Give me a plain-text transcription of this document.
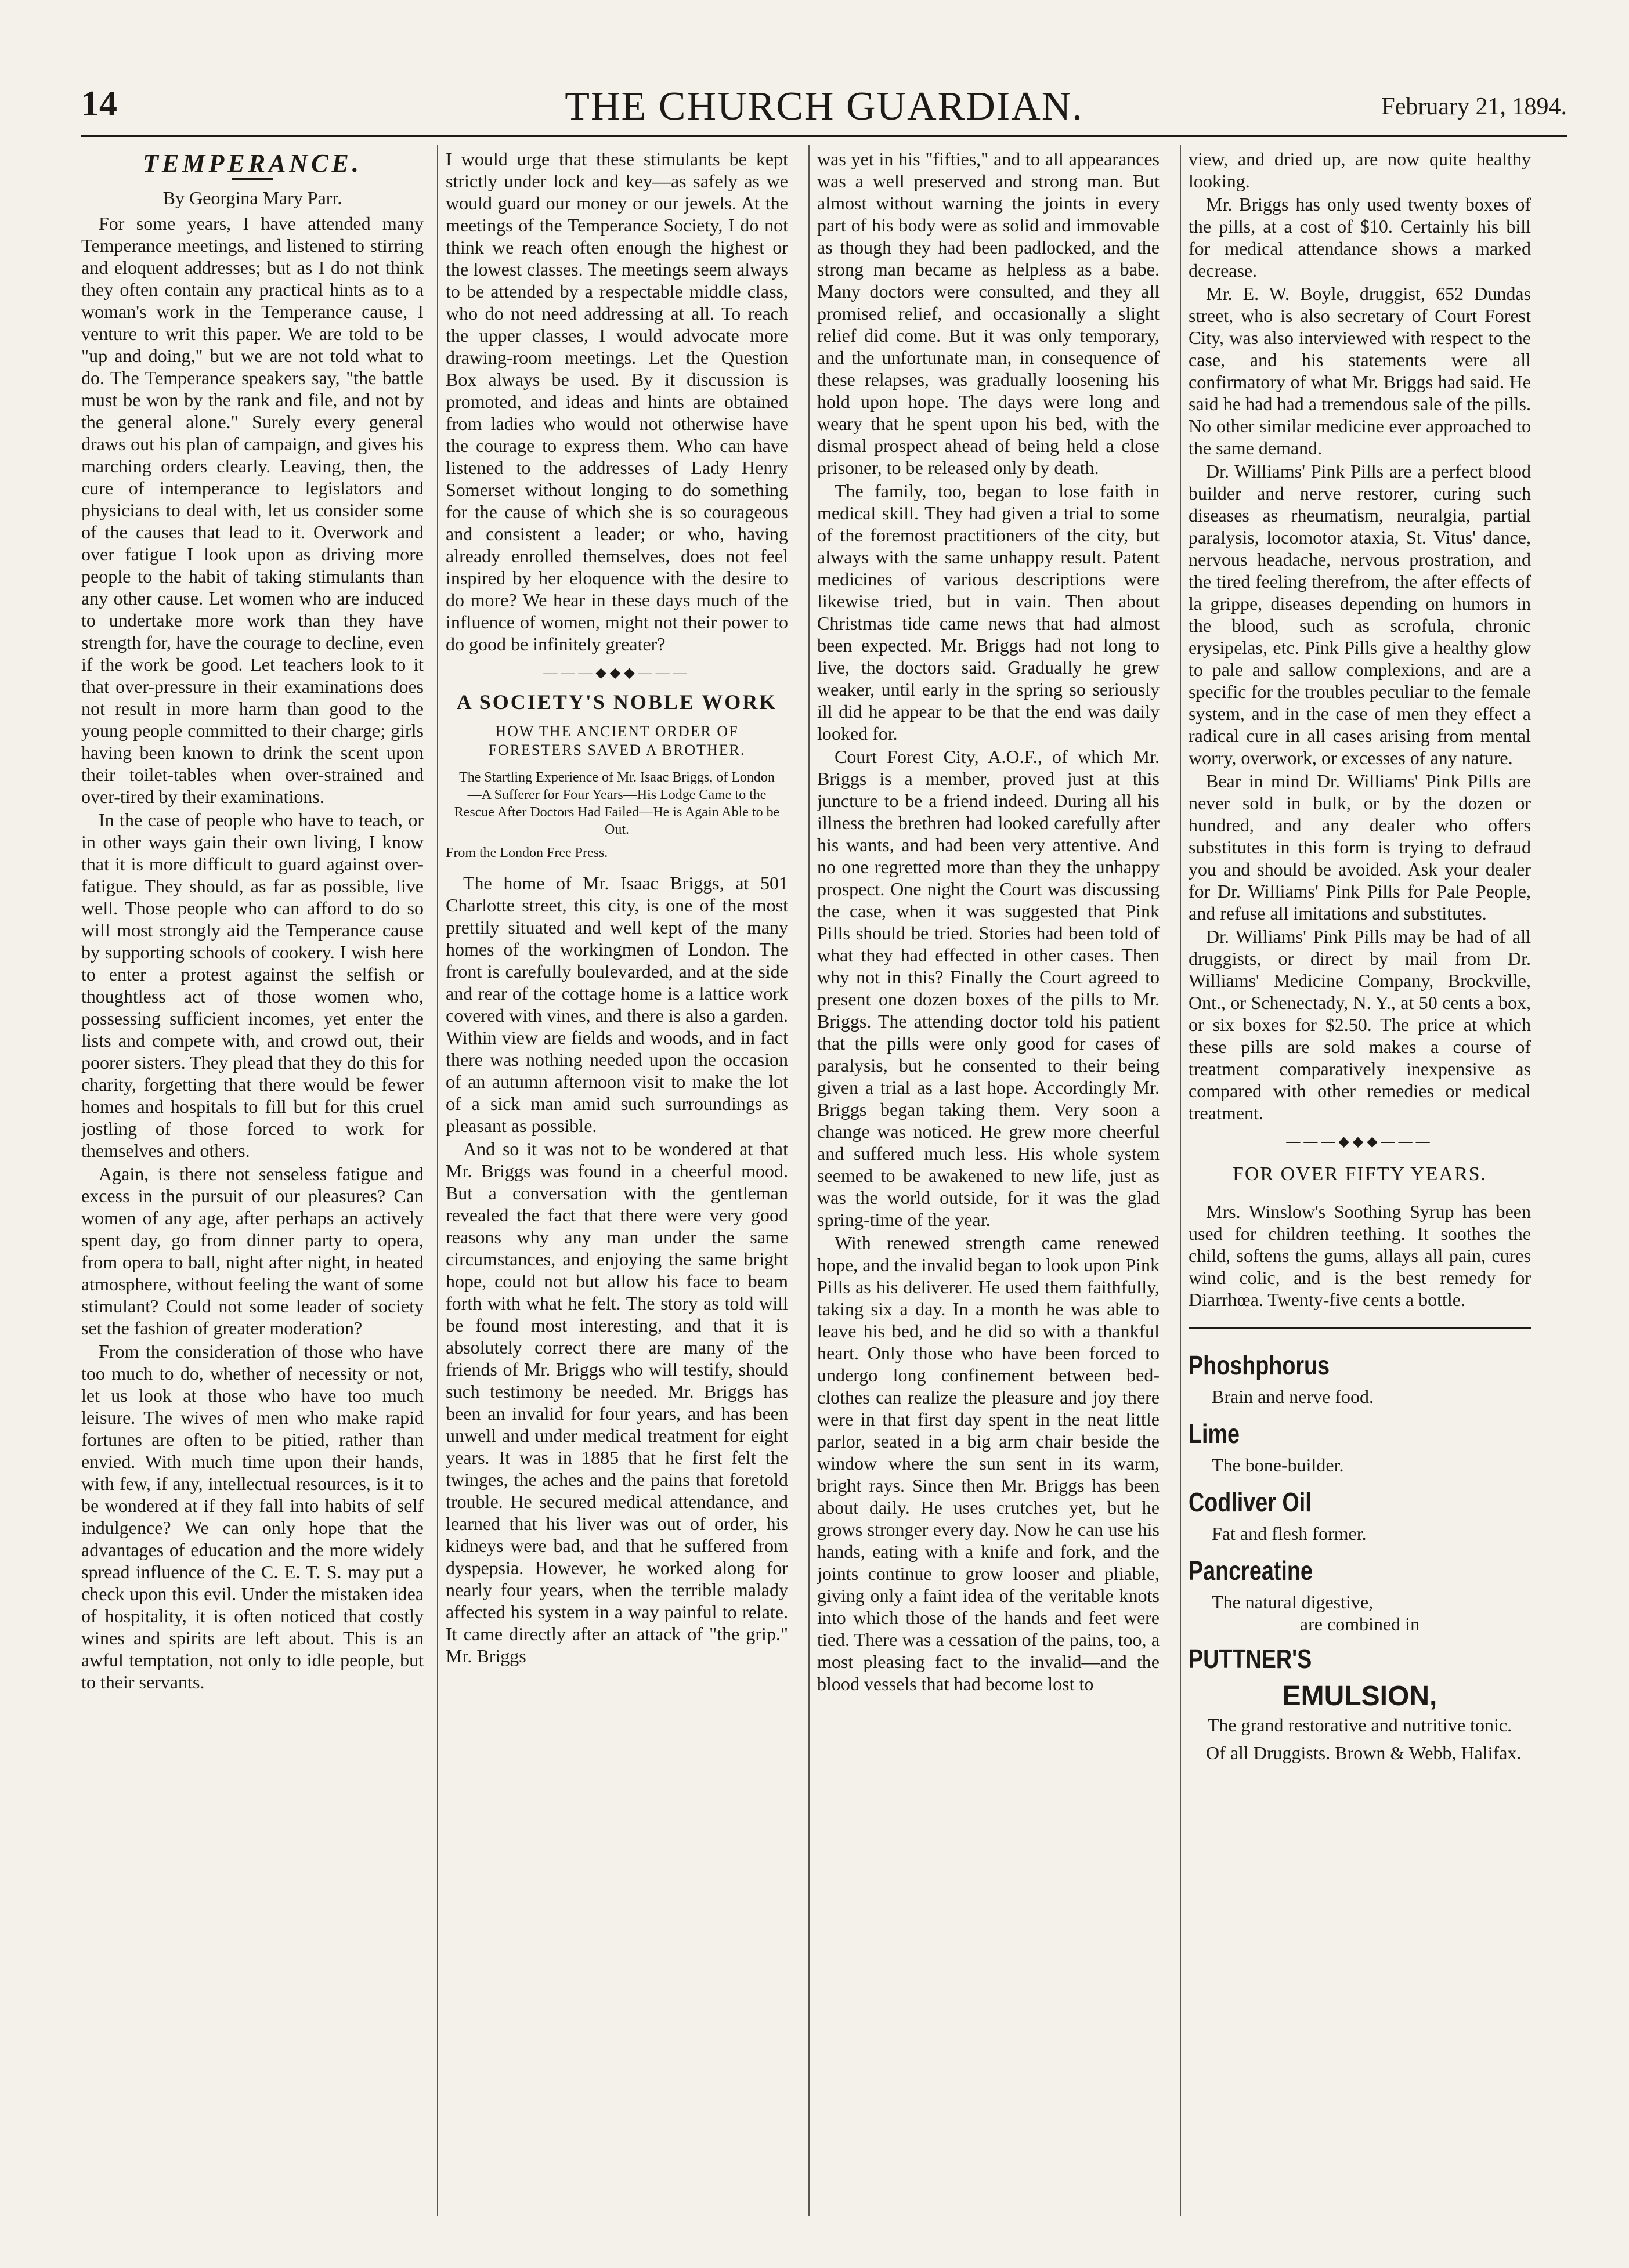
14	THE CHURCH GUARDIAN.	February 21, 1894.
TEMPERANCE.
By Georgina Mary Parr.

For some years, I have attended many Temperance meetings, and listened to stirring and eloquent addresses; but as I do not think they often contain any practical hints as to a woman's work in the Temperance cause, I venture to writ this paper. We are told to be "up and doing," but we are not told what to do. The Temperance speakers say, "the battle must be won by the rank and file, and not by the general alone." Surely every general draws out his plan of campaign, and gives his marching orders clearly. Leaving, then, the cure of intemperance to legislators and physicians to deal with, let us consider some of the causes that lead to it. Overwork and over fatigue I look upon as driving more people to the habit of taking stimulants than any other cause. Let women who are induced to undertake more work than they have strength for, have the courage to decline, even if the work be good. Let teachers look to it that over-pressure in their examinations does not result in more harm than good to the young people committed to their charge; girls having been known to drink the scent upon their toilet-tables when over-strained and over-tired by their examinations.

In the case of people who have to teach, or in other ways gain their own living, I know that it is more difficult to guard against over-fatigue. They should, as far as possible, live well. Those people who can afford to do so will most strongly aid the Temperance cause by supporting schools of cookery. I wish here to enter a protest against the selfish or thoughtless act of those women who, possessing sufficient incomes, yet enter the lists and compete with, and crowd out, their poorer sisters. They plead that they do this for charity, forgetting that there would be fewer homes and hospitals to fill but for this cruel jostling of those forced to work for themselves and others.

Again, is there not senseless fatigue and excess in the pursuit of our pleasures? Can women of any age, after perhaps an actively spent day, go from dinner party to opera, from opera to ball, night after night, in heated atmosphere, without feeling the want of some stimulant? Could not some leader of society set the fashion of greater moderation?

From the consideration of those who have too much to do, whether of necessity or not, let us look at those who have too much leisure. The wives of men who make rapid fortunes are often to be pitied, rather than envied. With much time upon their hands, with few, if any, intellectual resources, is it to be wondered at if they fall into habits of self indulgence? We can only hope that the advantages of education and the more widely spread influence of the C. E. T. S. may put a check upon this evil. Under the mistaken idea of hospitality, it is often noticed that costly wines and spirits are left about. This is an awful temptation, not only to idle people, but to their servants.

I would urge that these stimulants be kept strictly under lock and key—as safely as we would guard our money or our jewels. At the meetings of the Temperance Society, I do not think we reach often enough the highest or the lowest classes. The meetings seem always to be attended by a respectable middle class, who do not need addressing at all. To reach the upper classes, I would advocate more drawing-room meetings. Let the Question Box always be used. By it discussion is promoted, and ideas and hints are obtained from ladies who would not otherwise have the courage to express them. Who can have listened to the addresses of Lady Henry Somerset without longing to do something for the cause of which she is so courageous and consistent a leader; or who, having already enrolled themselves, does not feel inspired by her eloquence with the desire to do more? We hear in these days much of the influence of women, might not their power to do good be infinitely greater?

———◆◆◆———
A SOCIETY'S NOBLE WORK
HOW THE ANCIENT ORDER OF FORESTERS SAVED A BROTHER.
The Startling Experience of Mr. Isaac Briggs, of London—A Sufferer for Four Years—His Lodge Came to the Rescue After Doctors Had Failed—He is Again Able to be Out.
From the London Free Press.

The home of Mr. Isaac Briggs, at 501 Charlotte street, this city, is one of the most prettily situated and well kept of the many homes of the workingmen of London. The front is carefully boulevarded, and at the side and rear of the cottage home is a lattice work covered with vines, and there is also a garden. Within view are fields and woods, and in fact there was nothing needed upon the occasion of an autumn afternoon visit to make the lot of a sick man amid such surroundings as pleasant as possible.

And so it was not to be wondered at that Mr. Briggs was found in a cheerful mood. But a conversation with the gentleman revealed the fact that there were very good reasons why any man under the same circumstances, and enjoying the same bright hope, could not but allow his face to beam forth with what he felt. The story as told will be found most interesting, and that it is absolutely correct there are many of the friends of Mr. Briggs who will testify, should such testimony be needed. Mr. Briggs has been an invalid for four years, and has been unwell and under medical treatment for eight years. It was in 1885 that he first felt the twinges, the aches and the pains that foretold trouble. He secured medical attendance, and learned that his liver was out of order, his kidneys were bad, and that he suffered from dyspepsia. However, he worked along for nearly four years, when the terrible malady affected his system in a way painful to relate. It came directly after an attack of "the grip." Mr. Briggs

was yet in his "fifties," and to all appearances was a well preserved and strong man. But almost without warning the joints in every part of his body were as solid and immovable as though they had been padlocked, and the strong man became as helpless as a babe. Many doctors were consulted, and they all promised relief, and occasionally a slight relief did come. But it was only temporary, and the unfortunate man, in consequence of these relapses, was gradually loosening his hold upon hope. The days were long and weary that he spent upon his bed, with the dismal prospect ahead of being held a close prisoner, to be released only by death.

The family, too, began to lose faith in medical skill. They had given a trial to some of the foremost practitioners of the city, but always with the same unhappy result. Patent medicines of various descriptions were likewise tried, but in vain. Then about Christmas tide came news that had almost been expected. Mr. Briggs had not long to live, the doctors said. Gradually he grew weaker, until early in the spring so seriously ill did he appear to be that the end was daily looked for.

Court Forest City, A.O.F., of which Mr. Briggs is a member, proved just at this juncture to be a friend indeed. During all his illness the brethren had looked carefully after his wants, and had been very attentive. And no one regretted more than they the unhappy prospect. One night the Court was discussing the case, when it was suggested that Pink Pills should be tried. Stories had been told of what they had effected in other cases. Then why not in this? Finally the Court agreed to present one dozen boxes of the pills to Mr. Briggs. The attending doctor told his patient that the pills were only good for cases of paralysis, but he consented to their being given a trial as a last hope. Accordingly Mr. Briggs began taking them. Very soon a change was noticed. He grew more cheerful and suffered much less. His whole system seemed to be awakened to new life, just as was the world outside, for it was the glad spring-time of the year.

With renewed strength came renewed hope, and the invalid began to look upon Pink Pills as his deliverer. He used them faithfully, taking six a day. In a month he was able to leave his bed, and he did so with a thankful heart. Only those who have been forced to undergo long confinement between bed-clothes can realize the pleasure and joy there were in that first day spent in the neat little parlor, seated in a big arm chair beside the window where the sun sent in its warm, bright rays. Since then Mr. Briggs has been about daily. He uses crutches yet, but he grows stronger every day. Now he can use his hands, eating with a knife and fork, and the joints continue to grow looser and pliable, giving only a faint idea of the veritable knots into which those of the hands and feet were tied. There was a cessation of the pains, too, a most pleasing fact to the invalid—and the blood vessels that had become lost to

view, and dried up, are now quite healthy looking.

Mr. Briggs has only used twenty boxes of the pills, at a cost of $10. Certainly his bill for medical attendance shows a marked decrease.

Mr. E. W. Boyle, druggist, 652 Dundas street, who is also secretary of Court Forest City, was also interviewed with respect to the case, and his statements were all confirmatory of what Mr. Briggs had said. He said he had had a tremendous sale of the pills. No other similar medicine ever approached to the same demand.

Dr. Williams' Pink Pills are a perfect blood builder and nerve restorer, curing such diseases as rheumatism, neuralgia, partial paralysis, locomotor ataxia, St. Vitus' dance, nervous headache, nervous prostration, and the tired feeling therefrom, the after effects of la grippe, diseases depending on humors in the blood, such as scrofula, chronic erysipelas, etc. Pink Pills give a healthy glow to pale and sallow complexions, and are a specific for the troubles peculiar to the female system, and in the case of men they effect a radical cure in all cases arising from mental worry, overwork, or excesses of any nature.

Bear in mind Dr. Williams' Pink Pills are never sold in bulk, or by the dozen or hundred, and any dealer who offers substitutes in this form is trying to defraud you and should be avoided. Ask your dealer for Dr. Williams' Pink Pills for Pale People, and refuse all imitations and substitutes.

Dr. Williams' Pink Pills may be had of all druggists, or direct by mail from Dr. Williams' Medicine Company, Brockville, Ont., or Schenectady, N. Y., at 50 cents a box, or six boxes for $2.50. The price at which these pills are sold makes a course of treatment comparatively inexpensive as compared with other remedies or medical treatment.

———◆◆◆———
FOR OVER FIFTY YEARS.

Mrs. Winslow's Soothing Syrup has been used for children teething. It soothes the child, softens the gums, allays all pain, cures wind colic, and is the best remedy for Diarrhœa. Twenty-five cents a bottle.

Phoshphorus
Brain and nerve food.
Lime
The bone-builder.
Codliver Oil
Fat and flesh former.
Pancreatine
The natural digestive,
are combined in
PUTTNER'S
EMULSION,
The grand restorative and nutritive tonic.
Of all Druggists. Brown & Webb, Halifax.
